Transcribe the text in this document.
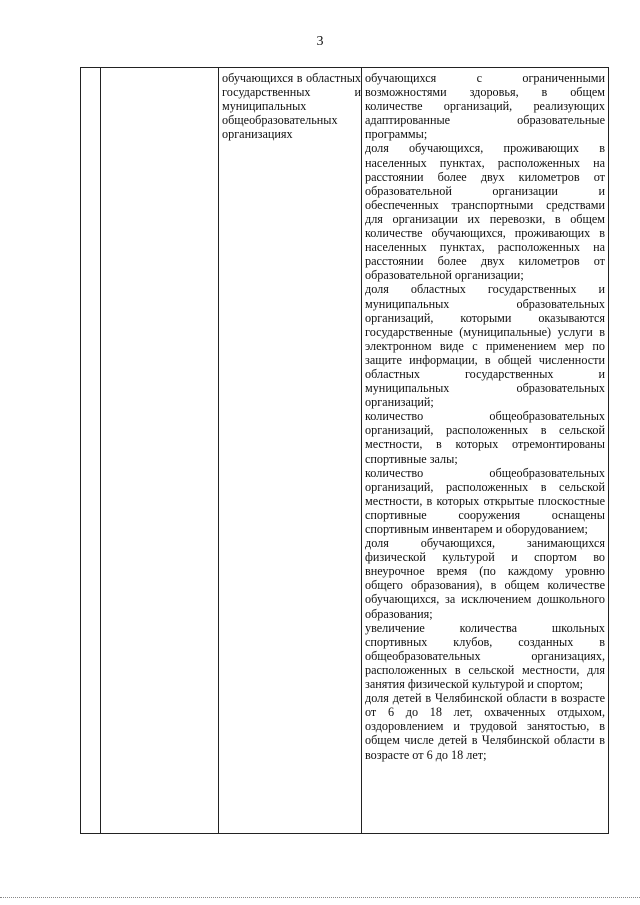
3
обучающихся в областных государственных и муниципальных общеобразовательных организациях

обучающихся с ограниченными возможностями здоровья, в общем количестве организаций, реализующих адаптированные образовательные программы;

доля обучающихся, проживающих в населенных пунктах, расположенных на расстоянии более двух километров от образовательной организации и обеспеченных транспортными средствами для организации их перевозки, в общем количестве обучающихся, проживающих в населенных пунктах, расположенных на расстоянии более двух километров от образовательной организации;

доля областных государственных и муниципальных образовательных организаций, которыми оказываются государственные (муниципальные) услуги в электронном виде с применением мер по защите информации, в общей численности областных государственных и муниципальных образовательных организаций;

количество общеобразовательных организаций, расположенных в сельской местности, в которых отремонтированы спортивные залы;

количество общеобразовательных организаций, расположенных в сельской местности, в которых открытые плоскостные спортивные сооружения оснащены спортивным инвентарем и оборудованием;

доля обучающихся, занимающихся физической культурой и спортом во внеурочное время (по каждому уровню общего образования), в общем количестве обучающихся, за исключением дошкольного образования;

увеличение количества школьных спортивных клубов, созданных в общеобразовательных организациях, расположенных в сельской местности, для занятия физической культурой и спортом;

доля детей в Челябинской области в возрасте от 6 до 18 лет, охваченных отдыхом, оздоровлением и трудовой занятостью, в общем числе детей в Челябинской области в возрасте от 6 до 18 лет;
